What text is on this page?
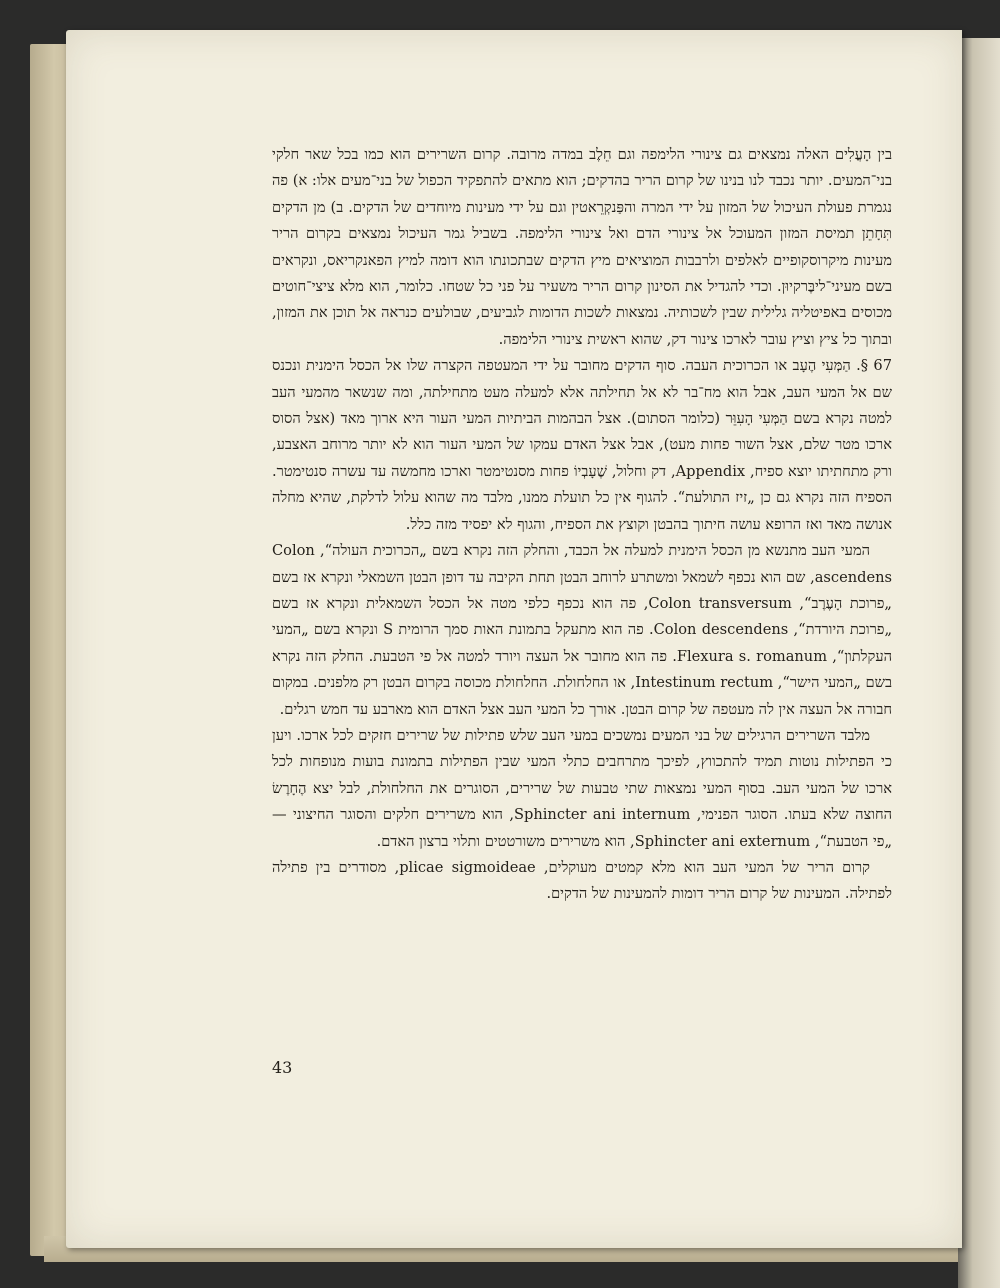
בין הָעֳלִים האלה נמצאים גם צינורי הלימפה וגם חֵלֶב במדה מרובה. קרום השרירים הוא כמו בכל שאר חלקי בני־המעים. יותר נכבד לנו בנינו של קרום הריר בהדקים; הוא מתאים להתפקיד הכפול של בני־מעים אלו: א) פה נגמרת פעולת העיכול של המזון על ידי המרה והפַּנקְרֵאטין וגם על ידי מעינות מיוחדים של הדקים. ב) מן הדקים תִּחָתֵן תמיסת המזון המעוכל אל צינורי הדם ואל צינורי הלימפה. בשביל גמר העיכול נמצאים בקרום הריר מעינות מיקרוסקופיים לאלפים ולרבבות המוציאים מיץ הדקים שבתכונתו הוא דומה למיץ הפאנקריאס, ונקראים בשם מעיני־ליבֶּרקיוּן. וכדי להגדיל את הסינון קרום הריר משעיר על פני כל שטחו. כלומר, הוא מלא ציצי־חוטים מכוסים באפיטליה גלילית שבין לשכותיה. נמצאות לשכות הדומות לגביעים, שבולעים כנראה אל תוכן את המזון, ובתוך כל ציץ וציץ עובר לארכו צינור דק, שהוא ראשית צינורי הלימפה.

67 §. הַמְּעִי הֶעָב או הכרוכית העבה. סוף הדקים מחובר על ידי המעטפה הקצרה שלו אל הכסל הימנית ונכנס שם אל המעי העב, אבל הוא מח־בר לא אל תחילתה אלא למעלה מעט מתחילתה, ומה שנשאר מהמעי העב למטה נקרא בשם הַמְּעִי הָעִוֵּר (כלומר הסתום). אצל הבהמות הביתיות המעי העור היא ארוך מאד (אצל הסוס ארכו מטר שלם, אצל השור פחות מעט), אבל אצל האדם עמקו של המעי העור הוא לא יותר מרוחב האצבע, ורק מתחתיתו יוצא ספיח, Appendix, דק וחלול, שֶׁעָבְיוֹ פחות מסנטימטר וארכו מחמשה עד עשרה סנטימטר. הספיח הזה נקרא גם כן „זיז התולעת“. להגוף אין כל תועלת ממנו, מלבד מה שהוא עלול לדלקת, שהיא מחלה אנושה מאד ואז הרופא עושה חיתוך בהבטן וקוצץ את הספיח, והגוף לא יפסיד מזה כלל.

המעי העב מתנשא מן הכסל הימנית למעלה אל הכבד, והחלק הזה נקרא בשם „הכרוכית העולה“, Colon ascendens, שם הוא נכפף לשמאל ומשתרע לרוחב הבטן תחת הקיבה עד דופן הבטן השמאלי ונקרא אז בשם „פרוכת הָעֶרֶב“, Colon transversum, פה הוא נכפף כלפי מטה אל הכסל השמאלית ונקרא אז בשם „פרוכת היורדת“, Colon descendens. פה הוא מתעקל בתמונת האות סמך הרומית S ונקרא בשם „המעי העקלתון“, Flexura s. romanum. פה הוא מחובר אל העצה ויורד למטה אל פי הטבעת. החלק הזה נקרא בשם „המעי הישר“, Intestinum rectum, או החלחולת. החלחולת מכוסה בקרום הבטן רק מלפנים. במקום חבורה אל העצה אין לה מעטפה של קרום הבטן. אורך כל המעי העב אצל האדם הוא מארבע עד חמש רגלים.

מלבד השרירים הרגילים של בני המעים נמשכים במעי העב שלש פתילות של שרירים חזקים לכל ארכו. ויען כי הפתילות נוטות תמיד להתכווץ, לפיכך מתרחבים כתלי המעי שבין הפתילות בתמונת בועות מנופחות לכל ארכו של המעי העב. בסוף המעי נמצאות שתי טבעות של שרירים, הסוגרים את החלחולת, לבל יצא הֶחָרֶשׂ החוצה שלא בעתו. הסוגר הפנימי, Sphincter ani internum, הוא משרירים חלקים והסוגר החיצוני — „פי הטבעת“, Sphincter ani externum, הוא משרירים משורטטים ותלוי ברצון האדם.

קרום הריר של המעי העב הוא מלא קמטים מעוקלים, plicae sigmoideae, מסודרים בין פתילה לפתילה. המעינות של קרום הריר דומות להמעינות של הדקים.

43
